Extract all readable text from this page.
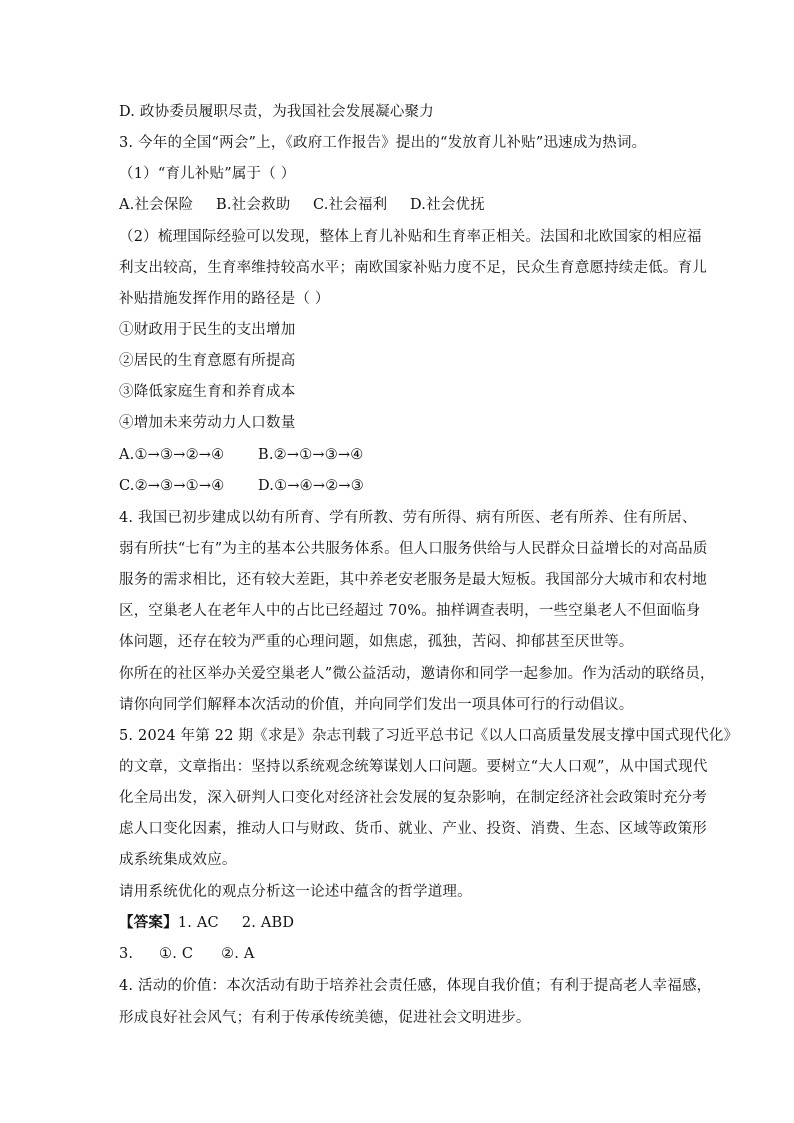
D. 政协委员履职尽责，为我国社会发展凝心聚力
3. 今年的全国“两会”上，《政府工作报告》提出的“发放育儿补贴”迅速成为热词。
（1）“育儿补贴”属于（ ）
A.社会保险 B.社会救助 C.社会福利 D.社会优抚
（2）梳理国际经验可以发现，整体上育儿补贴和生育率正相关。法国和北欧国家的相应福
利支出较高，生育率维持较高水平；南欧国家补贴力度不足，民众生育意愿持续走低。育儿
补贴措施发挥作用的路径是（ ）
①财政用于民生的支出增加
②居民的生育意愿有所提高
③降低家庭生育和养育成本
④增加未来劳动力人口数量
A.①→③→②→④ B.②→①→③→④
C.②→③→①→④ D.①→④→②→③
4. 我国已初步建成以幼有所育、学有所教、劳有所得、病有所医、老有所养、住有所居、
弱有所扶“七有”为主的基本公共服务体系。但人口服务供给与人民群众日益增长的对高品质
服务的需求相比，还有较大差距，其中养老安老服务是最大短板。我国部分大城市和农村地
区，空巢老人在老年人中的占比已经超过 70%。抽样调查表明，一些空巢老人不但面临身
体问题，还存在较为严重的心理问题，如焦虑，孤独，苦闷、抑郁甚至厌世等。
你所在的社区举办关爱空巢老人”微公益活动，邀请你和同学一起参加。作为活动的联络员，
请你向同学们解释本次活动的价值，并向同学们发出一项具体可行的行动倡议。
5. 2024 年第 22 期《求是》杂志刊载了习近平总书记《以人口高质量发展支撑中国式现代化》
的文章，文章指出：坚持以系统观念统筹谋划人口问题。要树立“大人口观”，从中国式现代
化全局出发，深入研判人口变化对经济社会发展的复杂影响，在制定经济社会政策时充分考
虑人口变化因素，推动人口与财政、货币、就业、产业、投资、消费、生态、区域等政策形
成系统集成效应。
请用系统优化的观点分析这一论述中蕴含的哲学道理。
【答案】1. AC 2. ABD
3. ①. C ②. A
4. 活动的价值：本次活动有助于培养社会责任感，体现自我价值；有利于提高老人幸福感，
形成良好社会风气；有利于传承传统美德，促进社会文明进步。
